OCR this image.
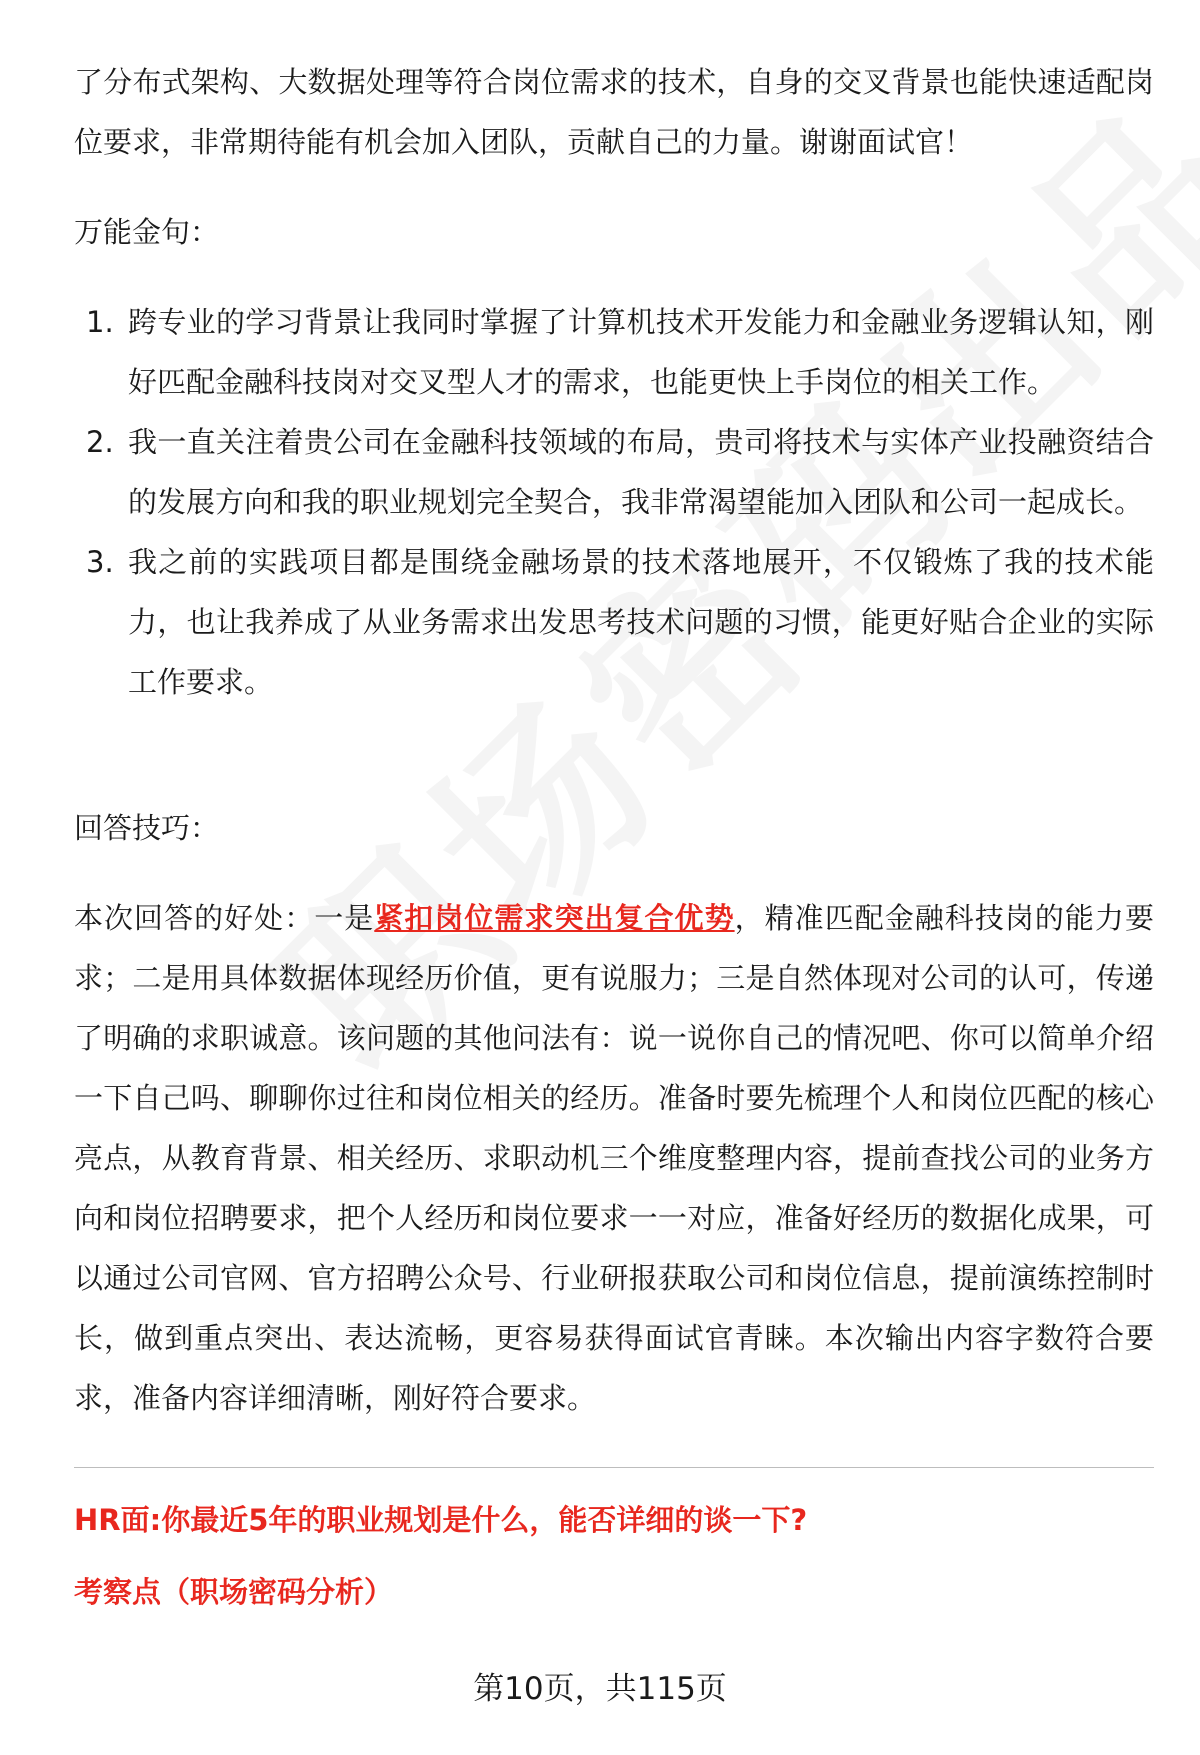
了分布式架构、大数据处理等符合岗位需求的技术，自身的交叉背景也能快速适配岗位要求，非常期待能有机会加入团队，贡献自己的力量。谢谢面试官！

万能金句：

1. 跨专业的学习背景让我同时掌握了计算机技术开发能力和金融业务逻辑认知，刚好匹配金融科技岗对交叉型人才的需求，也能更快上手岗位的相关工作。
2. 我一直关注着贵公司在金融科技领域的布局，贵司将技术与实体产业投融资结合的发展方向和我的职业规划完全契合，我非常渴望能加入团队和公司一起成长。
3. 我之前的实践项目都是围绕金融场景的技术落地展开，不仅锻炼了我的技术能力，也让我养成了从业务需求出发思考技术问题的习惯，能更好贴合企业的实际工作要求。

回答技巧：

本次回答的好处：一是紧扣岗位需求突出复合优势，精准匹配金融科技岗的能力要求；二是用具体数据体现经历价值，更有说服力；三是自然体现对公司的认可，传递了明确的求职诚意。该问题的其他问法有：说一说你自己的情况吧、你可以简单介绍一下自己吗、聊聊你过往和岗位相关的经历。准备时要先梳理个人和岗位匹配的核心亮点，从教育背景、相关经历、求职动机三个维度整理内容，提前查找公司的业务方向和岗位招聘要求，把个人经历和岗位要求一一对应，准备好经历的数据化成果，可以通过公司官网、官方招聘公众号、行业研报获取公司和岗位信息，提前演练控制时长，做到重点突出、表达流畅，更容易获得面试官青睐。本次输出内容字数符合要求，准备内容详细清晰，刚好符合要求。

HR面:你最近5年的职业规划是什么，能否详细的谈一下?

考察点（职场密码分析）

第10页，共115页
